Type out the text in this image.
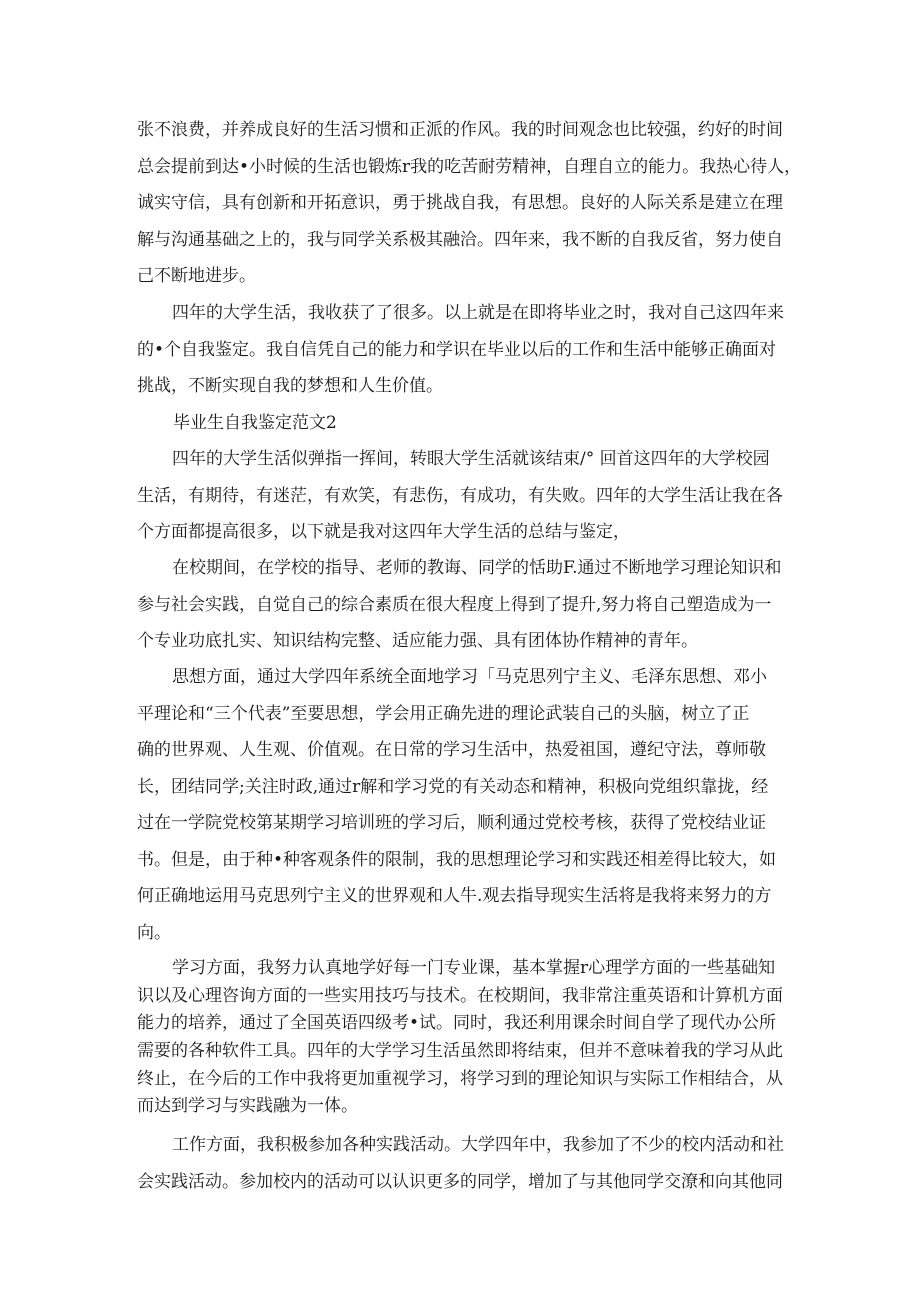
张不浪费，并养成良好的生活习惯和正派的作风。我的时间观念也比较强，约好的时间
总会提前到达•小时候的生活也锻炼r我的吃苦耐劳精神，自理自立的能力。我热心待人，
诚实守信，具有创新和开拓意识，勇于挑战自我，有思想。良好的人际关系是建立在理
解与沟通基础之上的，我与同学关系极其融洽。四年来，我不断的自我反省，努力使自
己不断地进步。
四年的大学生活，我收获了了很多。以上就是在即将毕业之时，我对自己这四年来
的•个自我鉴定。我自信凭自己的能力和学识在毕业以后的工作和生活中能够正确面对
挑战，不断实现自我的梦想和人生价值。
毕业生自我鉴定范文2
四年的大学生活似弹指一挥间，转眼大学生活就该结束/° 回首这四年的大学校园
生活，有期待，有迷茫，有欢笑，有悲伤，有成功，有失败。四年的大学生活让我在各
个方面都提高很多，以下就是我对这四年大学生活的总结与鉴定，
在校期间，在学校的指导、老师的教诲、同学的恬助F.通过不断地学习理论知识和
参与社会实践，自觉自己的综合素质在很大程度上得到了提升,努力将自己塑造成为一
个专业功底扎实、知识结构完整、适应能力强、具有团体协作精神的青年。
思想方面，通过大学四年系统全面地学习「马克思列宁主义、毛泽东思想、邓小
平理论和“三个代表”至要思想，学会用正确先进的理论武装自己的头脑，树立了正
确的世界观、人生观、价值观。在日常的学习生活中，热爱祖国，遵纪守法，尊师敬
长，团结同学;关注时政,通过r解和学习党的有关动态和精神，积极向党组织靠拢，经
过在一学院党校第某期学习培训班的学习后，顺利通过党校考核，获得了党校结业证
书。但是，由于种•种客观条件的限制，我的思想理论学习和实践还相差得比较大，如
何正确地运用马克思列宁主义的世界观和人牛.观去指导现实生活将是我将来努力的方
向。
学习方面，我努力认真地学好每一门专业课，基本掌握r心理学方面的一些基础知
识以及心理咨询方面的一些实用技巧与技术。在校期间，我非常注重英语和计算机方面
能力的培养，通过了全国英语四级考•试。同时，我还利用课余时间自学了现代办公所
需要的各种软件工具。四年的大学学习生活虽然即将结束，但并不意味着我的学习从此
终止，在今后的工作中我将更加重视学习，将学习到的理论知识与实际工作相结合，从
而达到学习与实践融为一体。
工作方面，我积极参加各种实践活动。大学四年中，我参加了不少的校内活动和社
会实践活动。参加校内的活动可以认识更多的同学，增加了与其他同学交潦和向其他同
